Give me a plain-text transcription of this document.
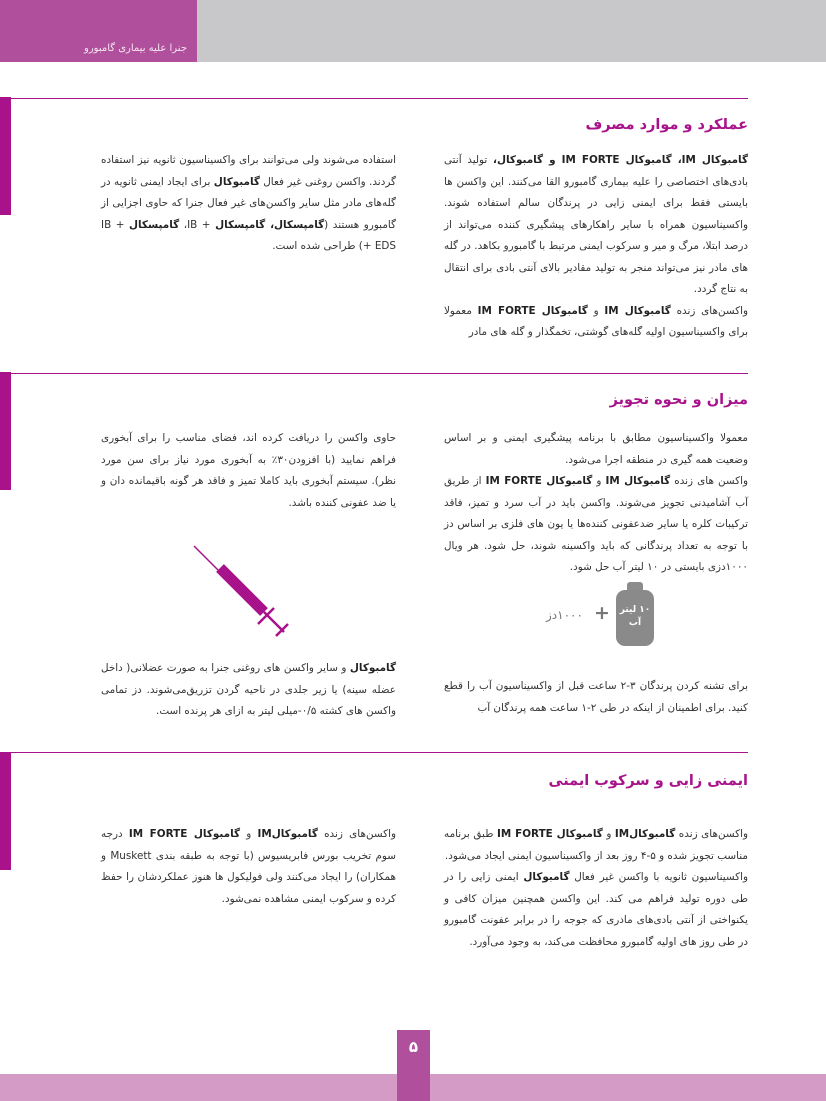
جنرا علیه بیماری گامبورو
عملکرد و موارد مصرف

گامبوکال IM، گامبوکال IM FORTE و گامبوکال، تولید آنتی بادی‌های اختصاصی را علیه بیماری گامبورو القا می‌کنند. این واکسن ها بایستی فقط برای ایمنی زایی در پرندگان سالم استفاده شوند. واکسیناسیون همراه با سایر راهکارهای پیشگیری کننده می‌تواند از درصد ابتلا، مرگ و میر و سرکوب ایمنی مرتبط با گامبورو بکاهد. در گله های مادر نیز می‌تواند منجر به تولید مقادیر بالای آنتی بادی برای انتقال به نتاج گردد.

واکسن‌های زنده گامبوکال IM و گامبوکال IM FORTE معمولا برای واکسیناسیون اولیه گله‌های گوشتی، تخمگذار و گله های مادر

استفاده می‌شوند ولی می‌توانند برای واکسیناسیون ثانویه نیز استفاده گردند. واکسن روغنی غیر فعال گامبوکال برای ایجاد ایمنی ثانویه در گله‌های مادر مثل سایر واکسن‌های غیر فعال جنرا که حاوی اجزایی از گامبورو هستند (گامپسکال، گامپسکال + IB، گامپسکال + IB + EDS) طراحی شده است.

میزان و نحوه تجویز

معمولا واکسیناسیون مطابق با برنامه پیشگیری ایمنی و بر اساس وضعیت همه گیری در منطقه اجرا می‌شود.

واکسن های زنده گامبوکال IM و گامبوکال IM FORTE از طریق آب آشامیدنی تجویز می‌شوند. واکسن باید در آب سرد و تمیز، فاقد ترکیبات کلره یا سایر ضدعفونی کننده‌ها یا یون‌ های فلزی بر اساس دز با توجه به تعداد پرندگانی که باید واکسینه شوند، حل شود. هر ویال ۱۰۰۰دزی بایستی در ۱۰ لیتر آب حل شود.

۱۰ لیتر آب
+
۱۰۰۰دز

برای تشنه کردن پرندگان ۳-۲ ساعت قبل از واکسیناسیون آب را قطع کنید. برای اطمینان از اینکه در طی ۲-۱ ساعت همه پرندگان آب

حاوی واکسن را دریافت کرده اند، فضای مناسب را برای آبخوری فراهم نمایید (با افزودن۳۰٪ به آبخوری مورد نیاز برای سن مورد نظر). سیستم آبخوری باید کاملا تمیز و فاقد هر گونه باقیمانده دان و یا ضد عفونی کننده باشد.

گامبوکال و سایر واکسن های روغنی جنرا به صورت عضلانی( داخل عضله سینه) یا زیر جلدی در ناحیه گردن تزریق‌می‌شوند. دز تمامی واکسن های کشته ۰/۵-میلی لیتر به ازای هر پرنده است.

ایمنی زایی و سرکوب ایمنی

واکسن‌های زنده گامبوکالIM و گامبوکال IM FORTE طبق برنامه مناسب تجویز شده و ۵-۴ روز بعد از واکسیناسیون ایمنی ایجاد می‌شود.

واکسیناسیون ثانویه با واکسن غیر فعال گامبوکال ایمنی زایی را در طی دوره تولید فراهم می کند. این واکسن همچنین میزان کافی و یکنواختی از آنتی بادی‌های مادری که جوجه را در برابر عفونت گامبورو در طی روز های اولیه گامبورو محافظت می‌کند، به وجود می‌آورد.

واکسن‌های زنده گامبوکالIM و گامبوکال IM FORTE درجه سوم تخریب بورس فابریسیوس (با توجه به طبقه بندی Muskett و همکاران) را ایجاد می‌کنند ولی فولیکول ها هنوز عملکردشان را حفظ کرده و سرکوب ایمنی مشاهده نمی‌شود.

۵
